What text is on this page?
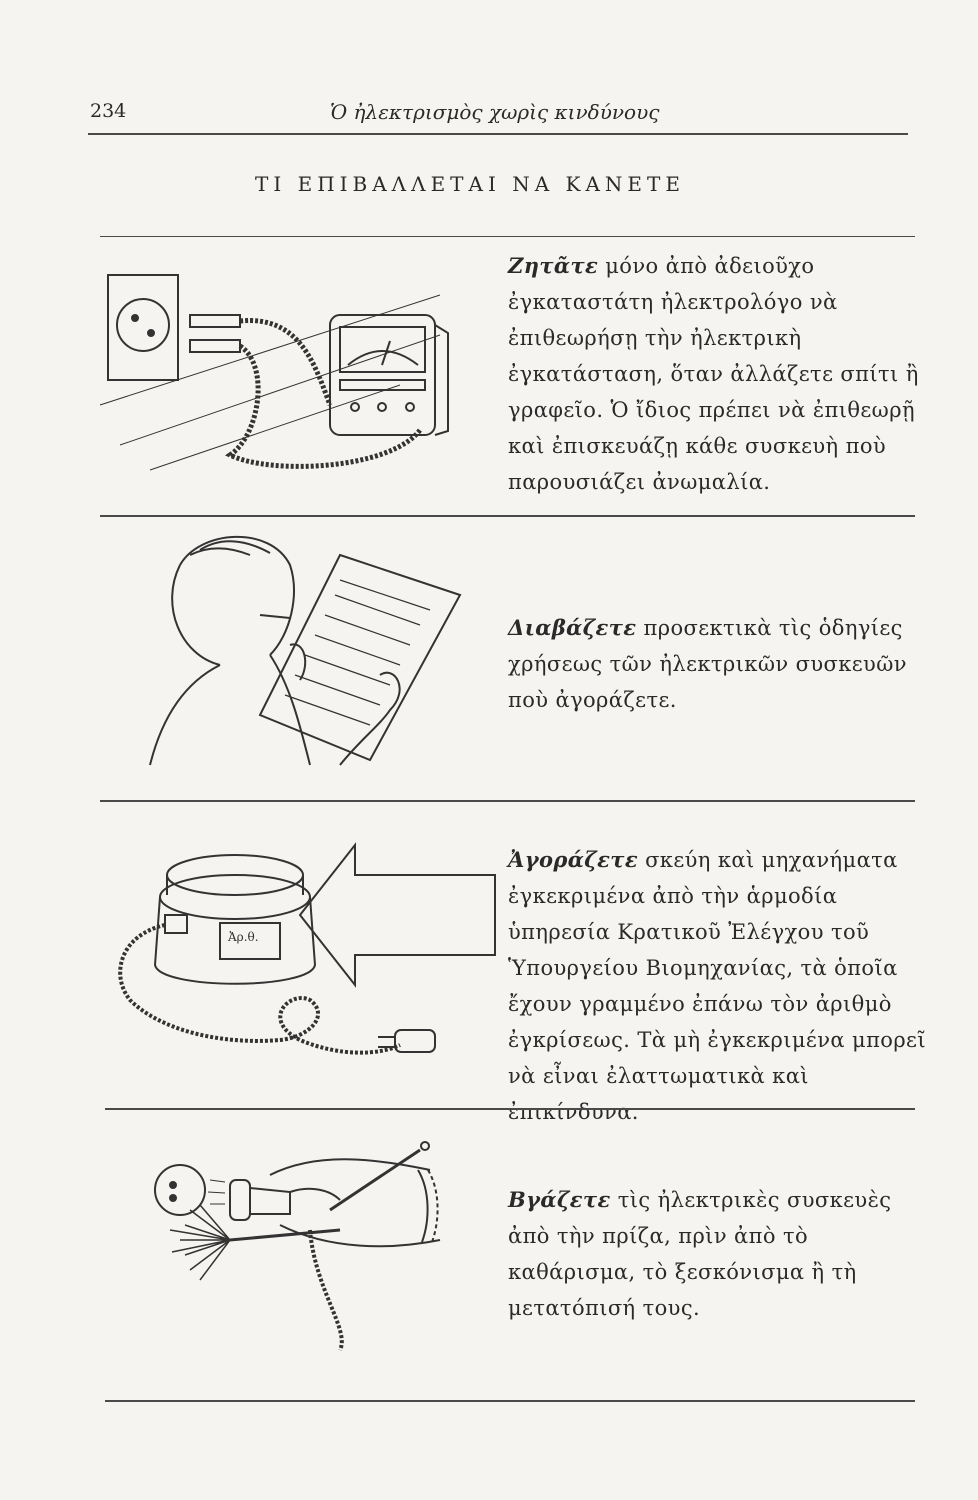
234	Ὁ ἠλεκτρισμὸς χωρὶς κινδύνους
ΤΙ ΕΠΙΒΑΛΛΕΤΑΙ ΝΑ ΚΑΝΕΤΕ
Ζητᾶτε μόνο ἀπὸ ἀδειοῦχο ἐγκαταστάτη ἠλεκτρολόγο νὰ ἐπιθεωρήσῃ τὴν ἠλεκτρικὴ ἐγκατάσταση, ὅταν ἀλλάζετε σπίτι ἢ γραφεῖο. Ὁ ἴδιος πρέπει νὰ ἐπιθεωρῇ καὶ ἐπισκευάζῃ κάθε συσκευὴ ποὺ παρουσιάζει ἀνωμαλία.
Διαβάζετε προσεκτικὰ τὶς ὁδηγίες χρήσεως τῶν ἠλεκτρικῶν συσκευῶν ποὺ ἀγοράζετε.
Ἀρ.θ.
Ἀγοράζετε σκεύη καὶ μηχανήματα ἐγκεκριμένα ἀπὸ τὴν ἁρμοδία ὑπηρεσία Κρατικοῦ Ἐλέγχου τοῦ Ὑπουργείου Βιομηχανίας, τὰ ὁποῖα ἔχουν γραμμένο ἐπάνω τὸν ἀριθμὸ ἐγκρίσεως. Τὰ μὴ ἐγκεκριμένα μπορεῖ νὰ εἶναι ἐλαττωματικὰ καὶ ἐπικίνδυνα.
Βγάζετε τὶς ἠλεκτρικὲς συσκευὲς ἀπὸ τὴν πρίζα, πρὶν ἀπὸ τὸ καθάρισμα, τὸ ξεσκόνισμα ἢ τὴ μετατόπισή τους.
